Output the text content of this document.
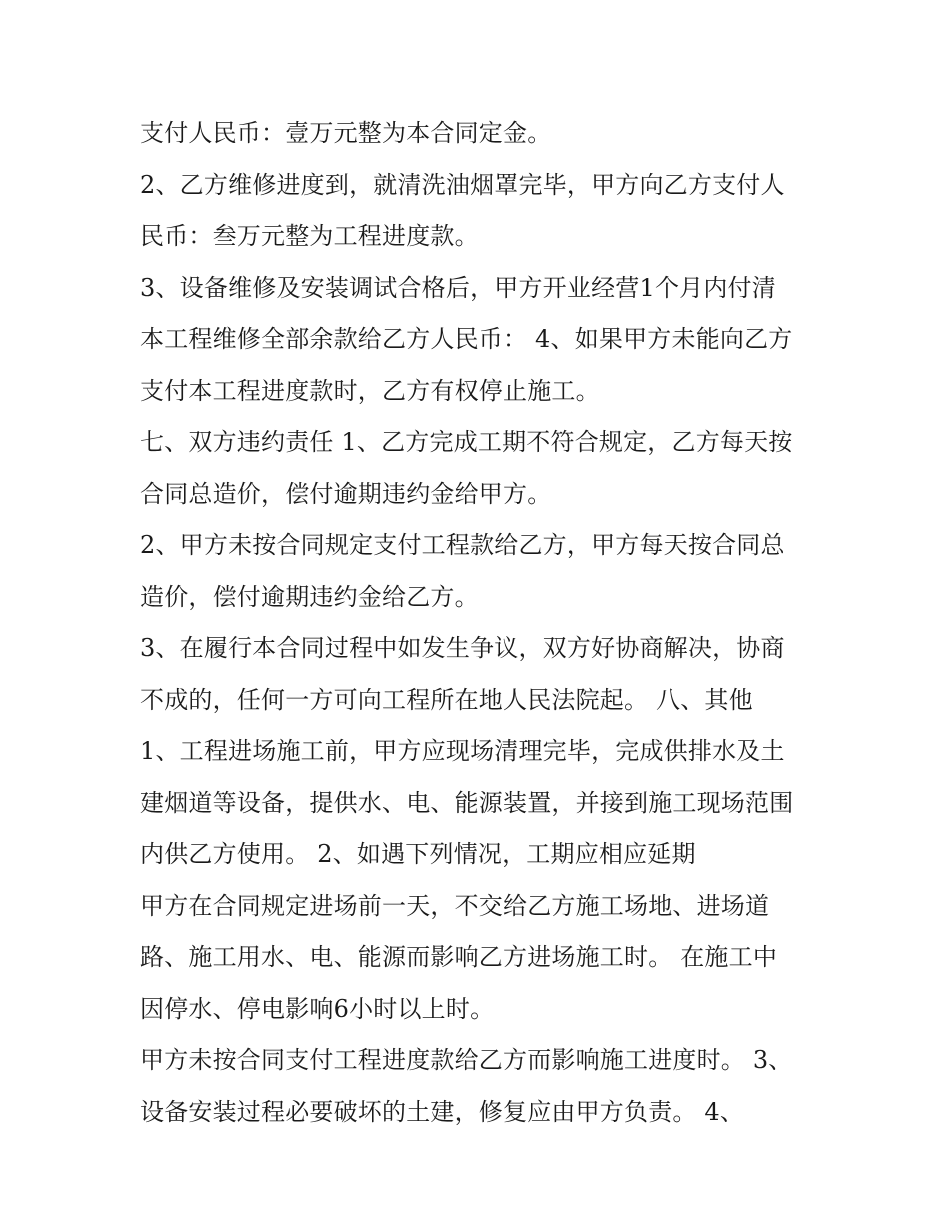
支付人民币：壹万元整为本合同定金。
2、乙方维修进度到，就清洗油烟罩完毕，甲方向乙方支付人
民币：叁万元整为工程进度款。
3、设备维修及安装调试合格后，甲方开业经营1个月内付清
本工程维修全部余款给乙方人民币： 4、如果甲方未能向乙方
支付本工程进度款时，乙方有权停止施工。
七、双方违约责任 1、乙方完成工期不符合规定，乙方每天按
合同总造价，偿付逾期违约金给甲方。
2、甲方未按合同规定支付工程款给乙方，甲方每天按合同总
造价，偿付逾期违约金给乙方。
3、在履行本合同过程中如发生争议，双方好协商解决，协商
不成的，任何一方可向工程所在地人民法院起。 八、其他
1、工程进场施工前，甲方应现场清理完毕，完成供排水及土
建烟道等设备，提供水、电、能源装置，并接到施工现场范围
内供乙方使用。 2、如遇下列情况，工期应相应延期
甲方在合同规定进场前一天，不交给乙方施工场地、进场道
路、施工用水、电、能源而影响乙方进场施工时。 在施工中
因停水、停电影响6小时以上时。
甲方未按合同支付工程进度款给乙方而影响施工进度时。 3、
设备安装过程必要破坏的土建，修复应由甲方负责。 4、
